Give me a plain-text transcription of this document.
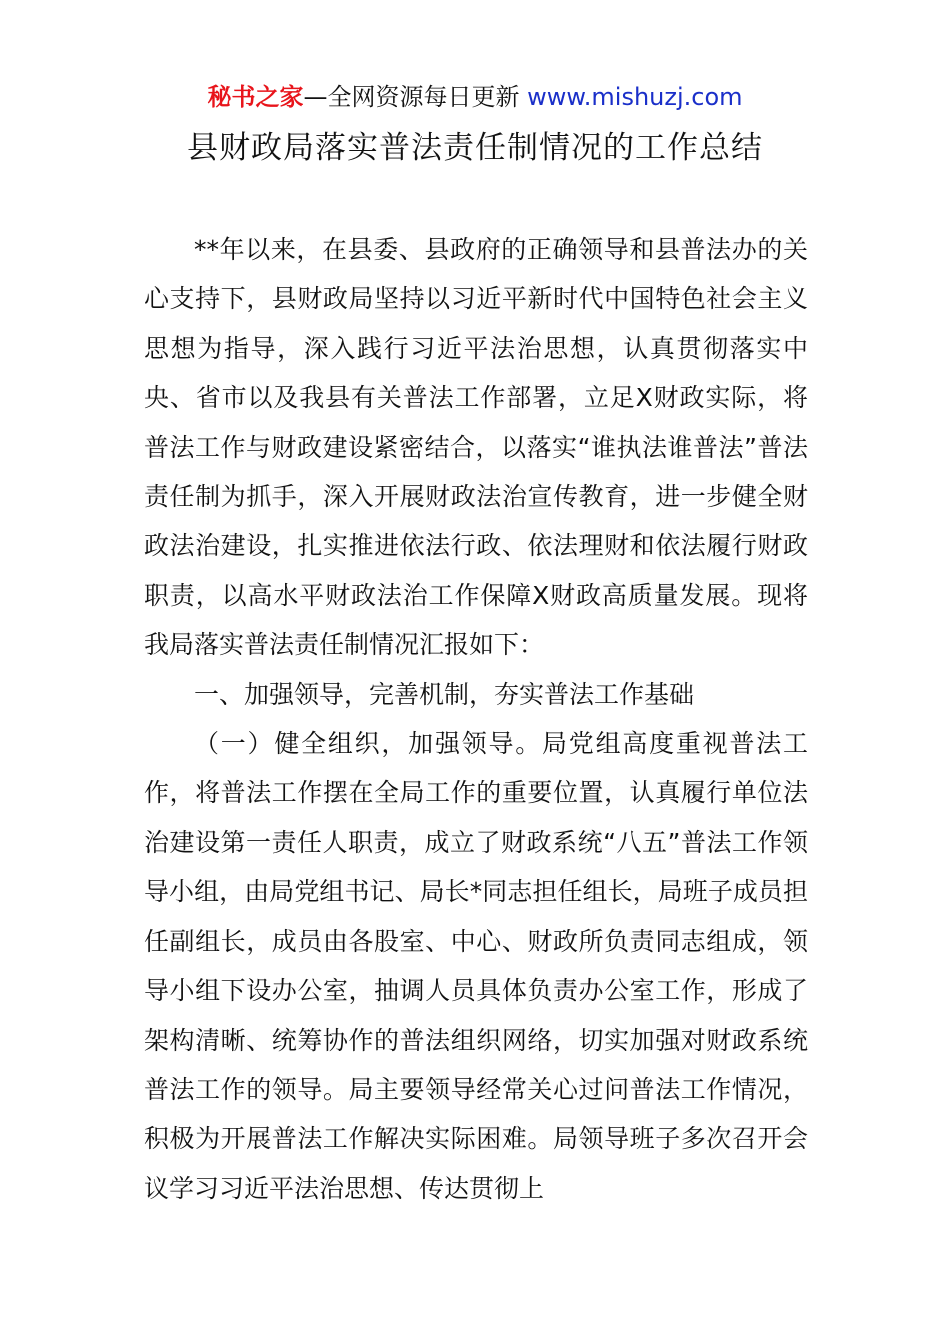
秘书之家—全网资源每日更新 www.mishuzj.com
县财政局落实普法责任制情况的工作总结

**年以来，在县委、县政府的正确领导和县普法办的关心支持下，县财政局坚持以习近平新时代中国特色社会主义思想为指导，深入践行习近平法治思想，认真贯彻落实中央、省市以及我县有关普法工作部署，立足X财政实际，将普法工作与财政建设紧密结合，以落实“谁执法谁普法”普法责任制为抓手，深入开展财政法治宣传教育，进一步健全财政法治建设，扎实推进依法行政、依法理财和依法履行财政职责，以高水平财政法治工作保障X财政高质量发展。现将我局落实普法责任制情况汇报如下：

一、加强领导，完善机制，夯实普法工作基础

（一）健全组织，加强领导。局党组高度重视普法工作，将普法工作摆在全局工作的重要位置，认真履行单位法治建设第一责任人职责，成立了财政系统“八五”普法工作领导小组，由局党组书记、局长*同志担任组长，局班子成员担任副组长，成员由各股室、中心、财政所负责同志组成，领导小组下设办公室，抽调人员具体负责办公室工作，形成了架构清晰、统筹协作的普法组织网络，切实加强对财政系统普法工作的领导。局主要领导经常关心过问普法工作情况，积极为开展普法工作解决实际困难。局领导班子多次召开会议学习习近平法治思想、传达贯彻上
